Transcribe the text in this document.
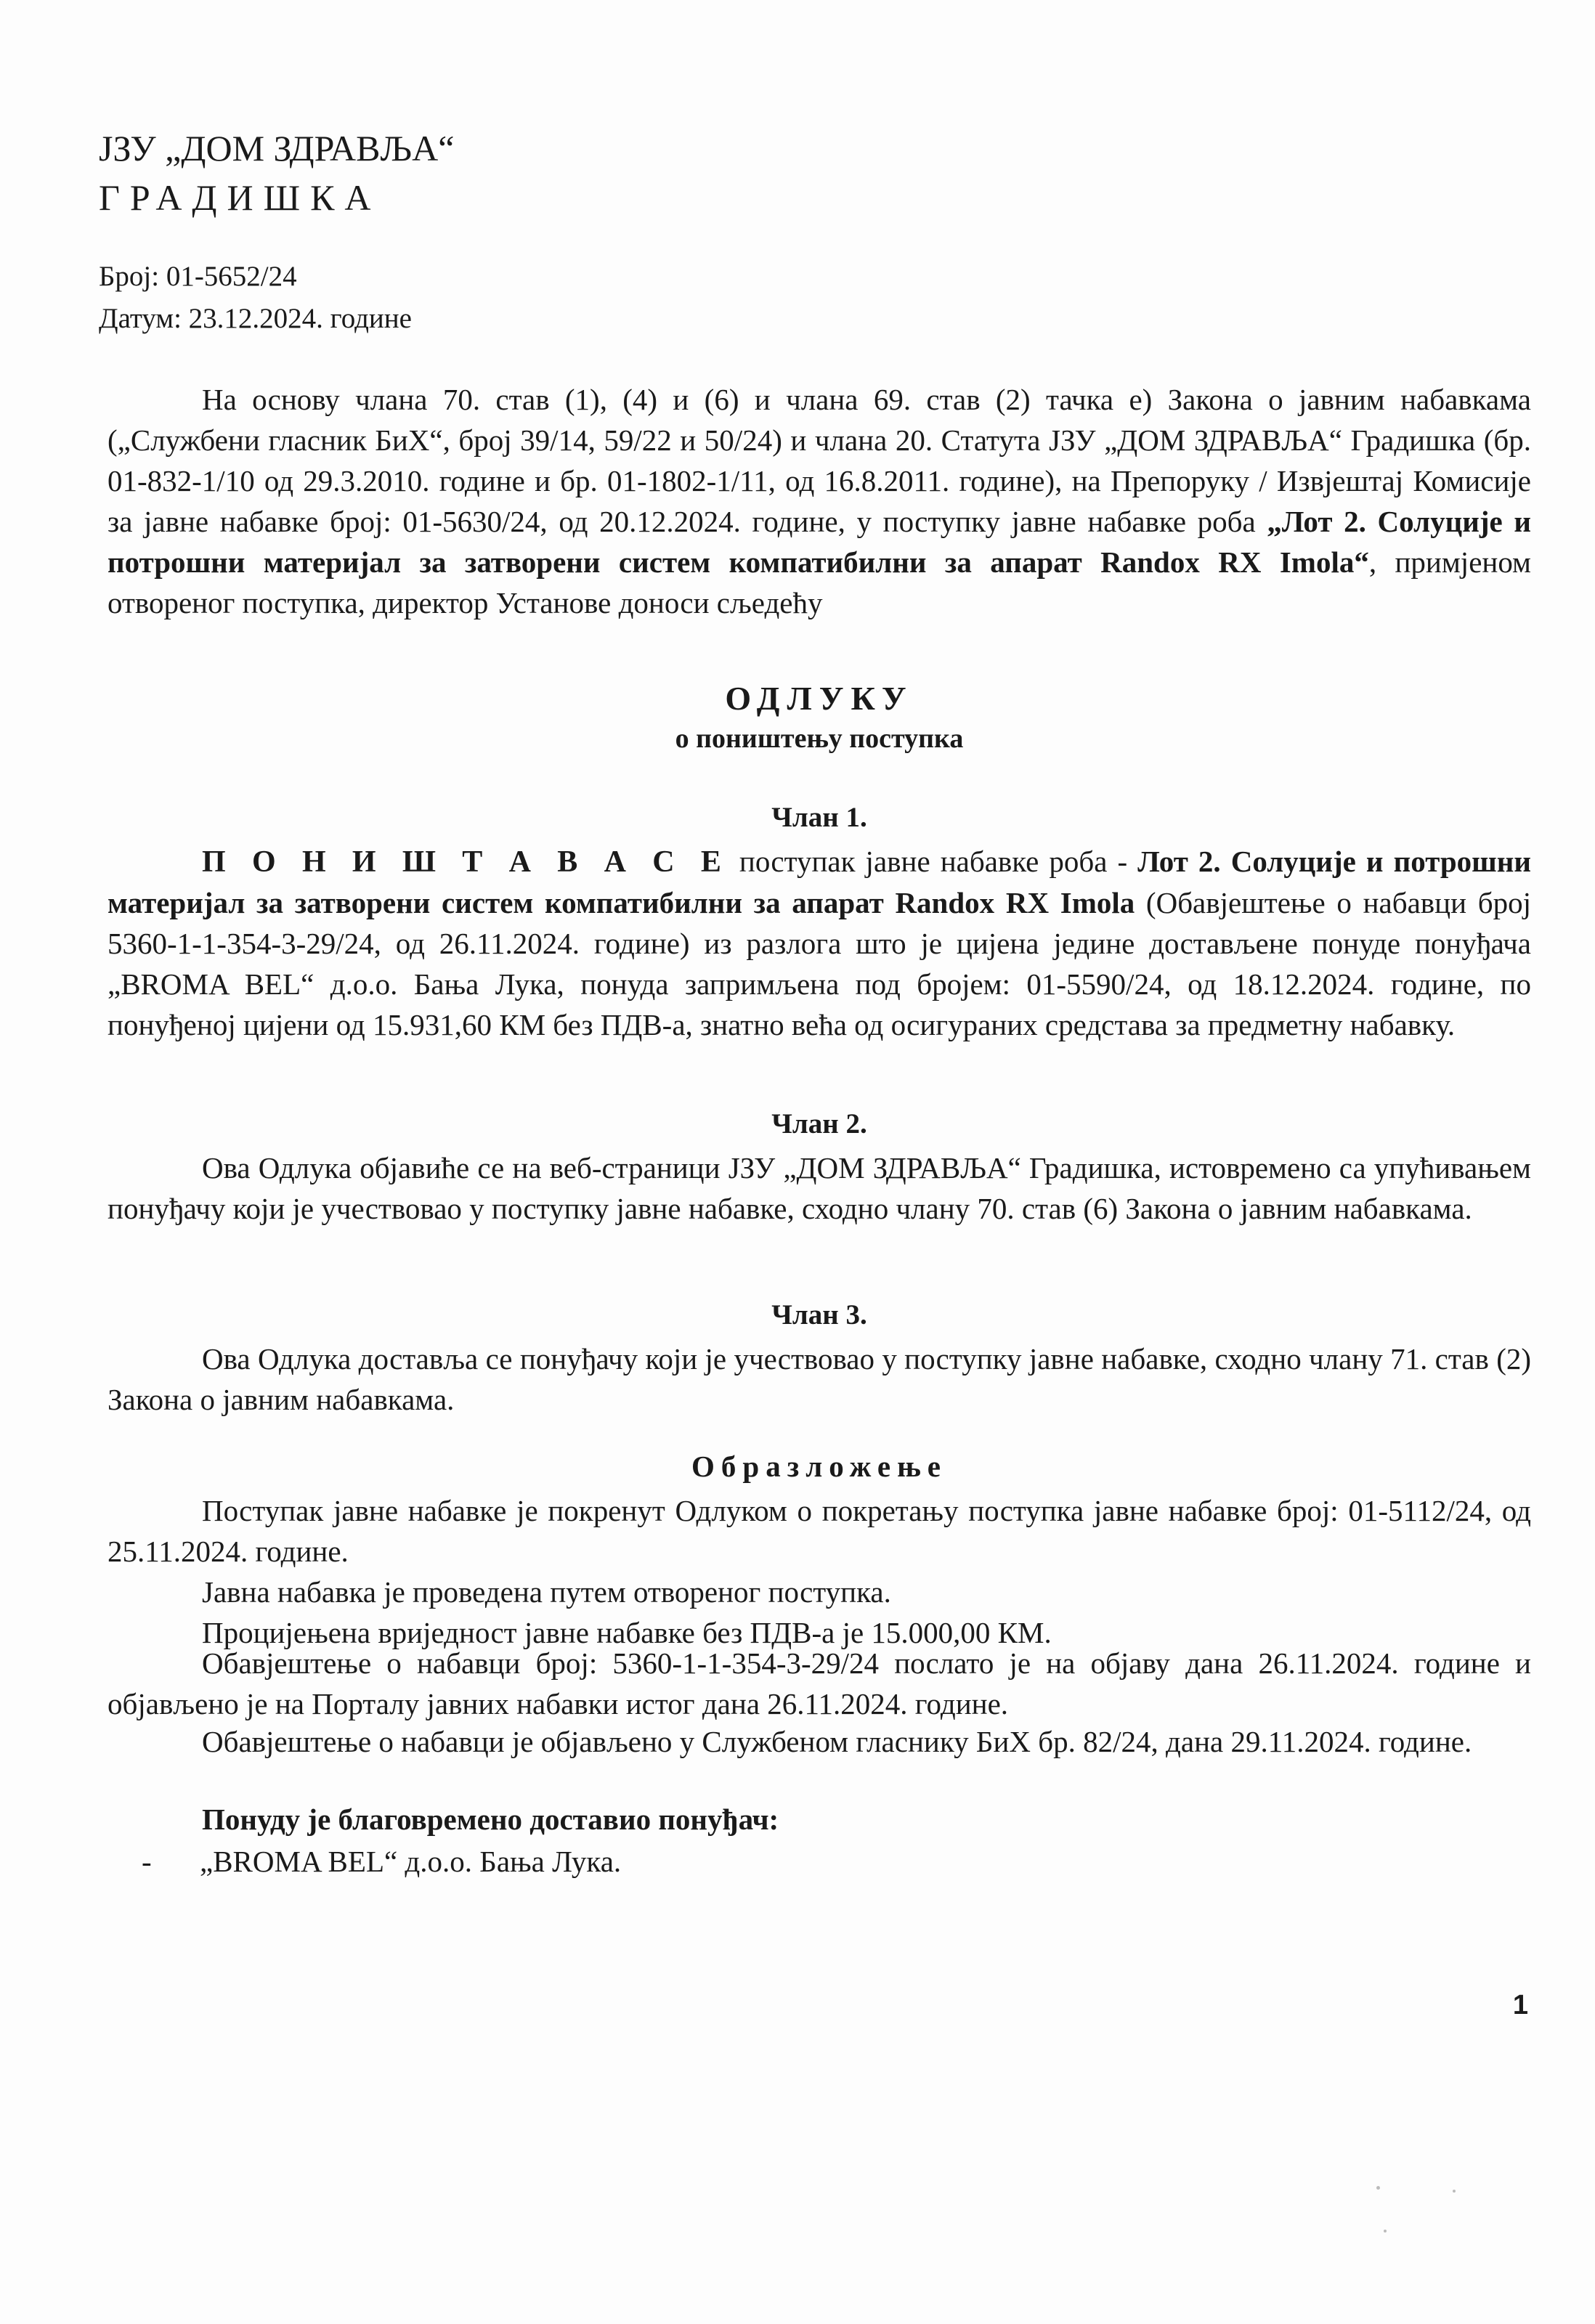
ЈЗУ „ДОМ ЗДРАВЉА“
ГРАДИШКА
Број: 01-5652/24
Датум: 23.12.2024. године
На основу члана 70. став (1), (4) и (6) и члана 69. став (2) тачка е) Закона о јавним набавкама („Службени гласник БиХ“, број 39/14, 59/22 и 50/24) и члана 20. Статута ЈЗУ „ДОМ ЗДРАВЉА“ Градишка (бр. 01-832-1/10 од 29.3.2010. године и бр. 01-1802-1/11, од 16.8.2011. године), на Препоруку / Извјештај Комисије за јавне набавке број: 01-5630/24, од 20.12.2024. године, у поступку јавне набавке роба „Лот 2. Солуције и потрошни материјал за затворени систем компатибилни за апарат Randox RX Imola“, примјеном отвореног поступка, директор Установе доноси сљедећу
ОДЛУКУ
о поништењу поступка
Члан 1.
П О Н И Ш Т А В А С Е поступак јавне набавке роба - Лот 2. Солуције и потрошни материјал за затворени систем компатибилни за апарат Randox RX Imola (Обавјештење о набавци број 5360-1-1-354-3-29/24, од 26.11.2024. године) из разлога што је цијена једине достављене понуде понуђача „BROMA BEL“ д.о.о. Бања Лука, понуда запримљена под бројем: 01-5590/24, од 18.12.2024. године, по понуђеној цијени од 15.931,60 КМ без ПДВ-а, знатно већа од осигураних средстава за предметну набавку.
Члан 2.
Ова Одлука објавиће се на веб-страници ЈЗУ „ДОМ ЗДРАВЉА“ Градишка, истовремено са упућивањем понуђачу који је учествовао у поступку јавне набавке, сходно члану 70. став (6) Закона о јавним набавкама.
Члан 3.
Ова Одлука доставља се понуђачу који је учествовао у поступку јавне набавке, сходно члану 71. став (2) Закона о јавним набавкама.
Образложење
Поступак јавне набавке је покренут Одлуком о покретању поступка јавне набавке број: 01-5112/24, од 25.11.2024. године.
Јавна набавка је проведена путем отвореног поступка.
Процијењена вриједност јавне набавке без ПДВ-а је 15.000,00 КМ.
Обавјештење о набавци број: 5360-1-1-354-3-29/24 послато је на објаву дана 26.11.2024. године и објављено је на Порталу јавних набавки истог дана 26.11.2024. године.
Обавјештење о набавци је објављено у Службеном гласнику БиХ бр. 82/24, дана 29.11.2024. године.
Понуду је благовремено доставио понуђач:
- „BROMA BEL“ д.о.о. Бања Лука.
1
